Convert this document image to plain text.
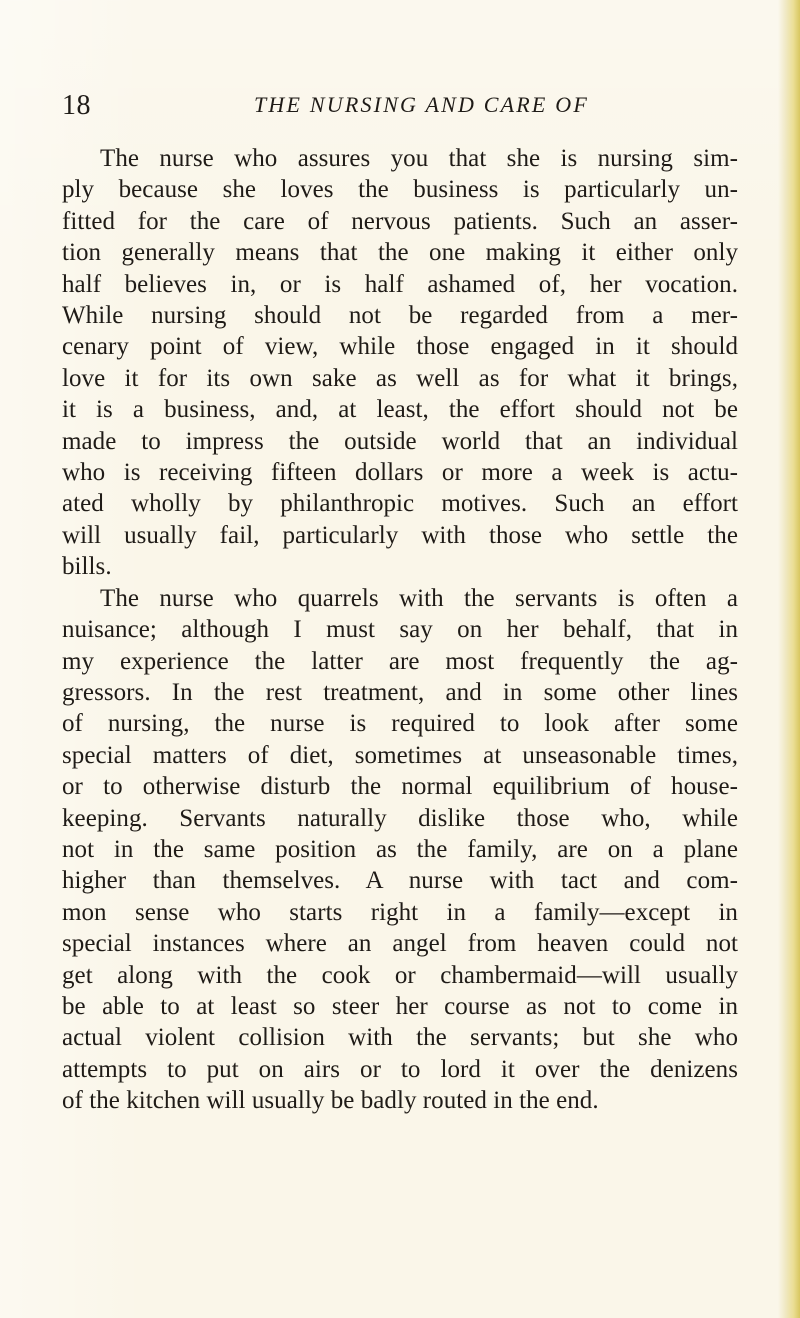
18	THE NURSING AND CARE OF
The nurse who assures you that she is nursing sim-
ply because she loves the business is particularly un-
fitted for the care of nervous patients. Such an asser-
tion generally means that the one making it either only
half believes in, or is half ashamed of, her vocation.
While nursing should not be regarded from a mer-
cenary point of view, while those engaged in it should
love it for its own sake as well as for what it brings,
it is a business, and, at least, the effort should not be
made to impress the outside world that an individual
who is receiving fifteen dollars or more a week is actu-
ated wholly by philanthropic motives. Such an effort
will usually fail, particularly with those who settle the
bills.
The nurse who quarrels with the servants is often a
nuisance; although I must say on her behalf, that in
my experience the latter are most frequently the ag-
gressors. In the rest treatment, and in some other lines
of nursing, the nurse is required to look after some
special matters of diet, sometimes at unseasonable times,
or to otherwise disturb the normal equilibrium of house-
keeping. Servants naturally dislike those who, while
not in the same position as the family, are on a plane
higher than themselves. A nurse with tact and com-
mon sense who starts right in a family—except in
special instances where an angel from heaven could not
get along with the cook or chambermaid—will usually
be able to at least so steer her course as not to come in
actual violent collision with the servants; but she who
attempts to put on airs or to lord it over the denizens
of the kitchen will usually be badly routed in the end.
